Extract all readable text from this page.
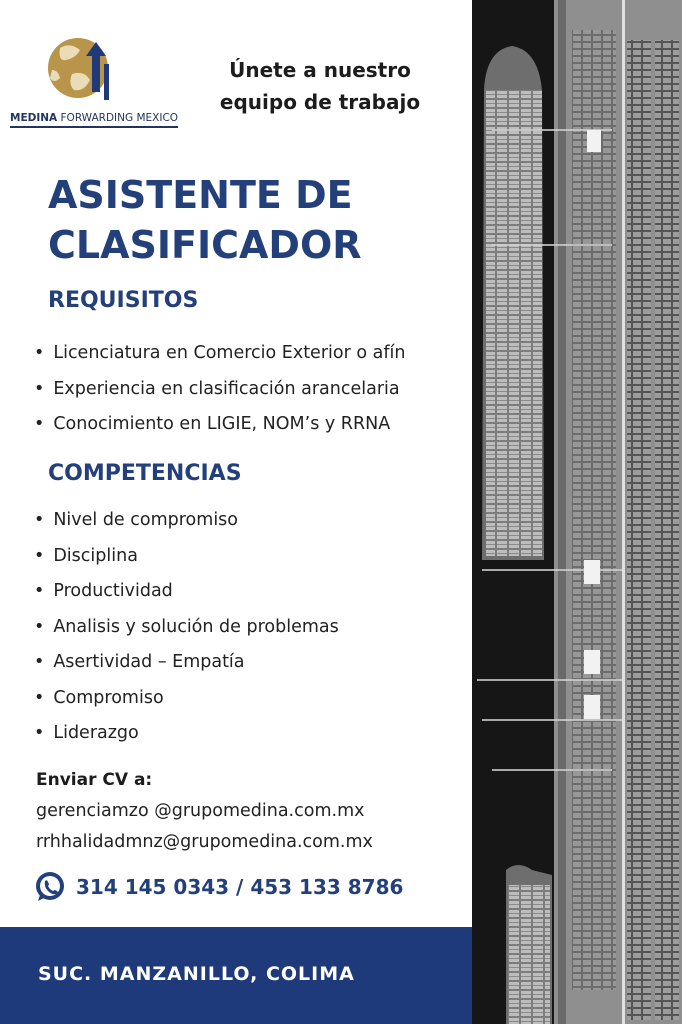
MEDINA FORWARDING MEXICO
Únete a nuestro
equipo de trabajo
ASISTENTE DE
CLASIFICADOR
REQUISITOS
• Licenciatura en Comercio Exterior o afín
• Experiencia en clasificación arancelaria
• Conocimiento en LIGIE, NOM’s y RRNA
COMPETENCIAS
• Nivel de compromiso
• Disciplina
• Productividad
• Analisis y solución de problemas
• Asertividad – Empatía
• Compromiso
• Liderazgo
Enviar CV a:
gerenciamzo @grupomedina.com.mx
rrhhalidadmnz@grupomedina.com.mx
314 145 0343 / 453 133 8786
SUC. MANZANILLO, COLIMA
